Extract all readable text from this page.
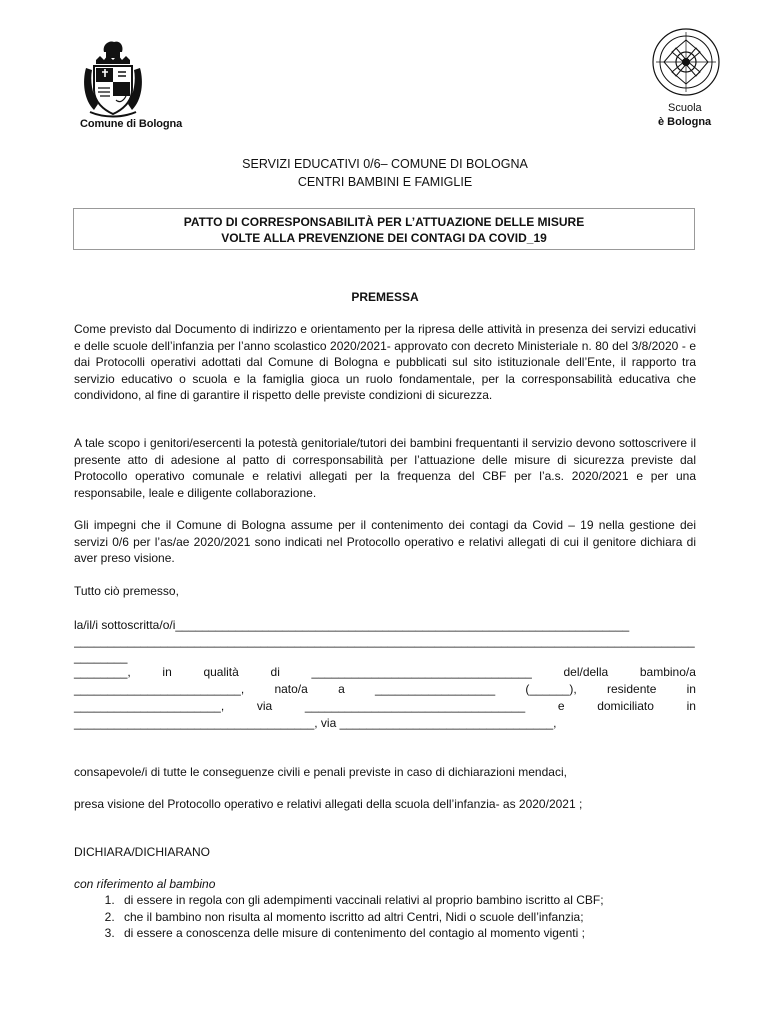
Comune di Bologna
Scuola
è Bologna
SERVIZI EDUCATIVI 0/6– COMUNE DI BOLOGNA
CENTRI BAMBINI E FAMIGLIE
PATTO DI CORRESPONSABILITÀ PER L’ATTUAZIONE DELLE MISURE
VOLTE ALLA PREVENZIONE DEI CONTAGI DA COVID_19
PREMESSA
Come previsto dal Documento di indirizzo e orientamento per la ripresa delle attività in presenza dei servizi educativi e delle scuole dell’infanzia per l’anno scolastico 2020/2021- approvato con decreto Ministeriale n. 80 del 3/8/2020 - e dai Protocolli operativi adottati dal Comune di Bologna e pubblicati sul sito istituzionale dell’Ente, il rapporto tra servizio educativo o scuola e la famiglia gioca un ruolo fondamentale, per la corresponsabilità educativa che condividono, al fine di garantire il rispetto delle previste condizioni di sicurezza.
A tale scopo i genitori/esercenti la potestà genitoriale/tutori dei bambini frequentanti il servizio devono sottoscrivere il presente atto di adesione al patto di corresponsabilità per l’attuazione delle misure di sicurezza previste dal Protocollo operativo comunale e relativi allegati per la frequenza del CBF per l’a.s. 2020/2021 e per una responsabile, leale e diligente collaborazione.
Gli impegni che il Comune di Bologna assume per il contenimento dei contagi da Covid – 19 nella gestione dei servizi 0/6 per l’as/ae 2020/2021 sono indicati nel Protocollo operativo e relativi allegati di cui il genitore dichiara di aver preso visione.
Tutto ciò premesso,
la/il/i sottoscritta/o/i____________________________________________________________________
_____________________________________________________________________________________________
________
________,	in	qualità	di	_________________________________	del/della	bambino/a
_________________________,	nato/a	a	__________________	(______),	residente	in
______________________,	via	_________________________________	e	domiciliato	in
____________________________________, via ________________________________,
consapevole/i di tutte le conseguenze civili e penali previste in caso di dichiarazioni mendaci,
presa visione del Protocollo operativo e relativi allegati della scuola dell’infanzia- as 2020/2021 ;
DICHIARA/DICHIARANO
con riferimento al bambino
1. di essere in regola con gli adempimenti vaccinali relativi al proprio bambino iscritto al CBF;
2. che il bambino non risulta al momento iscritto ad altri Centri, Nidi o scuole dell’infanzia;
3. di essere a conoscenza delle misure di contenimento del contagio al momento vigenti ;
